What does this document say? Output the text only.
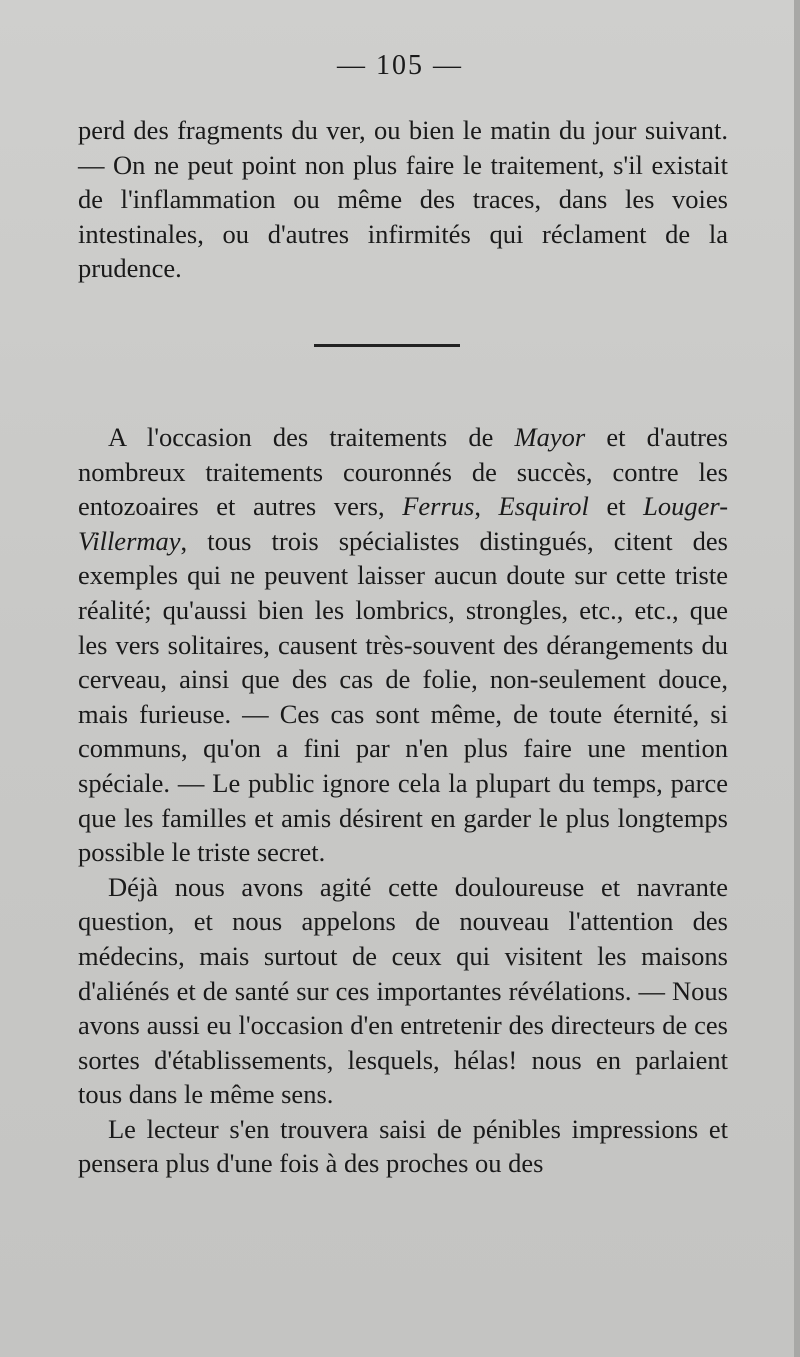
— 105 —

perd des fragments du ver, ou bien le matin du jour suivant. — On ne peut point non plus faire le traitement, s'il existait de l'inflammation ou même des traces, dans les voies intestinales, ou d'autres infirmités qui réclament de la prudence.

A l'occasion des traitements de Mayor et d'autres nombreux traitements couronnés de succès, contre les entozoaires et autres vers, Ferrus, Esquirol et Louger-Villermay, tous trois spécialistes distingués, citent des exemples qui ne peuvent laisser aucun doute sur cette triste réalité; qu'aussi bien les lombrics, strongles, etc., etc., que les vers solitaires, causent très-souvent des dérangements du cerveau, ainsi que des cas de folie, non-seulement douce, mais furieuse. — Ces cas sont même, de toute éternité, si communs, qu'on a fini par n'en plus faire une mention spéciale. — Le public ignore cela la plupart du temps, parce que les familles et amis désirent en garder le plus longtemps possible le triste secret.

Déjà nous avons agité cette douloureuse et navrante question, et nous appelons de nouveau l'attention des médecins, mais surtout de ceux qui visitent les maisons d'aliénés et de santé sur ces importantes révélations. — Nous avons aussi eu l'occasion d'en entretenir des directeurs de ces sortes d'établissements, lesquels, hélas! nous en parlaient tous dans le même sens.

Le lecteur s'en trouvera saisi de pénibles impressions et pensera plus d'une fois à des proches ou des
